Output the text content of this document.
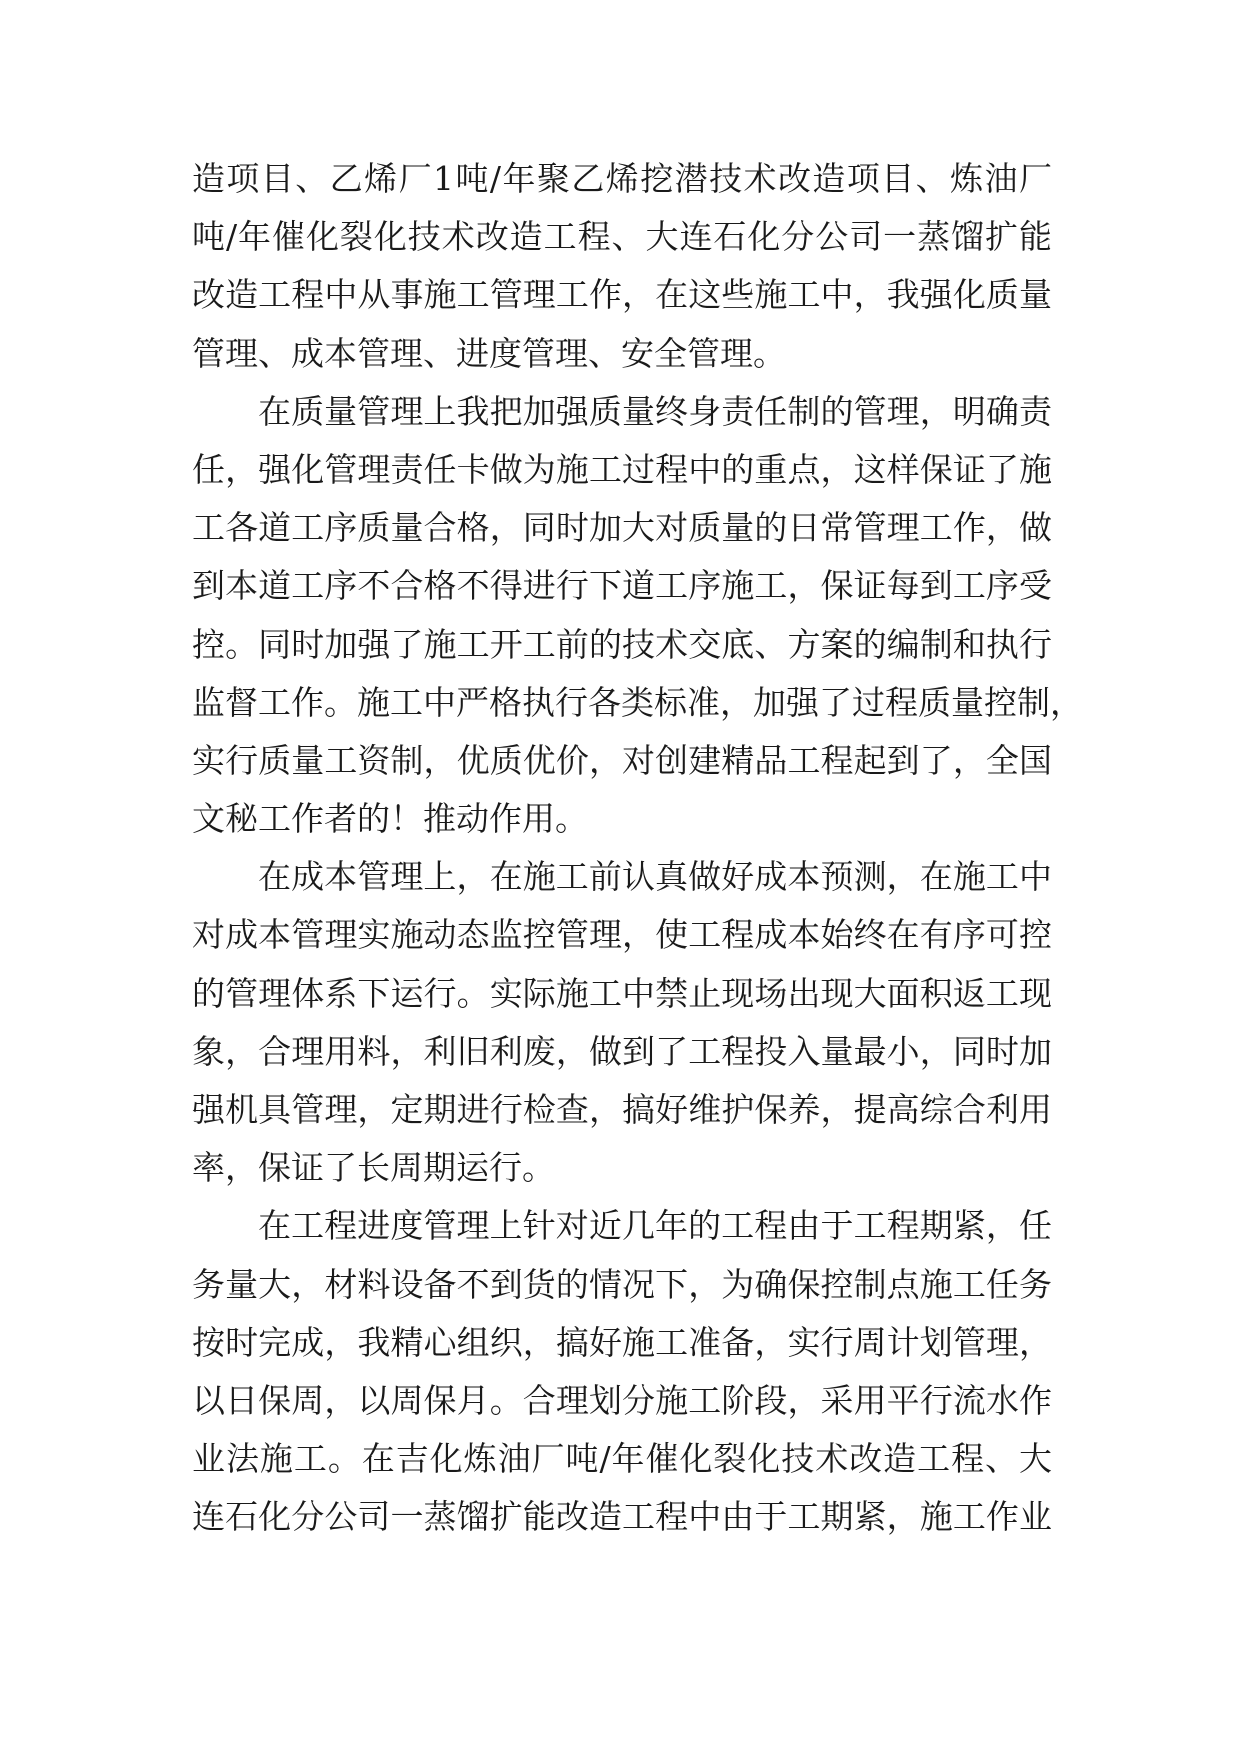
造项目、乙烯厂1吨/年聚乙烯挖潜技术改造项目、炼油厂
吨/年催化裂化技术改造工程、大连石化分公司一蒸馏扩能
改造工程中从事施工管理工作，在这些施工中，我强化质量
管理、成本管理、进度管理、安全管理。
在质量管理上我把加强质量终身责任制的管理，明确责
任，强化管理责任卡做为施工过程中的重点，这样保证了施
工各道工序质量合格，同时加大对质量的日常管理工作，做
到本道工序不合格不得进行下道工序施工，保证每到工序受
控。同时加强了施工开工前的技术交底、方案的编制和执行
监督工作。施工中严格执行各类标准，加强了过程质量控制，
实行质量工资制，优质优价，对创建精品工程起到了，全国
文秘工作者的！推动作用。
在成本管理上，在施工前认真做好成本预测，在施工中
对成本管理实施动态监控管理，使工程成本始终在有序可控
的管理体系下运行。实际施工中禁止现场出现大面积返工现
象，合理用料，利旧利废，做到了工程投入量最小，同时加
强机具管理，定期进行检查，搞好维护保养，提高综合利用
率，保证了长周期运行。
在工程进度管理上针对近几年的工程由于工程期紧，任
务量大，材料设备不到货的情况下，为确保控制点施工任务
按时完成，我精心组织，搞好施工准备，实行周计划管理，
以日保周，以周保月。合理划分施工阶段，采用平行流水作
业法施工。在吉化炼油厂吨/年催化裂化技术改造工程、大
连石化分公司一蒸馏扩能改造工程中由于工期紧，施工作业
